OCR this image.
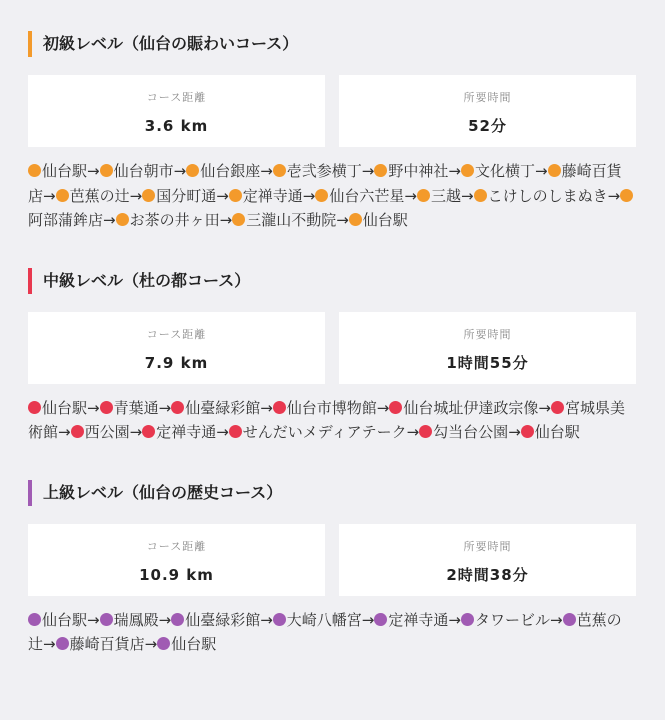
初級レベル（仙台の賑わいコース）
コース距離
3.6 km
所要時間
52分
仙台駅→ 仙台朝市→ 仙台銀座→ 壱弐参横丁→ 野中神社→ 文化横丁→ 藤崎百貨店→ 芭蕉の辻→ 国分町通→ 定禅寺通→ 仙台六芒星→ 三越→ こけしのしまぬき→阿部蒲鉾店→ お茶の井ヶ田→ 三瀧山不動院→ 仙台駅
中級レベル（杜の都コース）
コース距離
7.9 km
所要時間
1時間55分
仙台駅→ 青葉通→ 仙臺緑彩館→ 仙台市博物館→ 仙台城址伊達政宗像→ 宮城県美術館→ 西公園→ 定禅寺通→ せんだいメディアテーク→ 勾当台公園→ 仙台駅
上級レベル（仙台の歴史コース）
コース距離
10.9 km
所要時間
2時間38分
仙台駅→ 瑞鳳殿→ 仙臺緑彩館→ 大崎八幡宮→ 定禅寺通→ タワービル→ 芭蕉の辻→ 藤崎百貨店→ 仙台駅
